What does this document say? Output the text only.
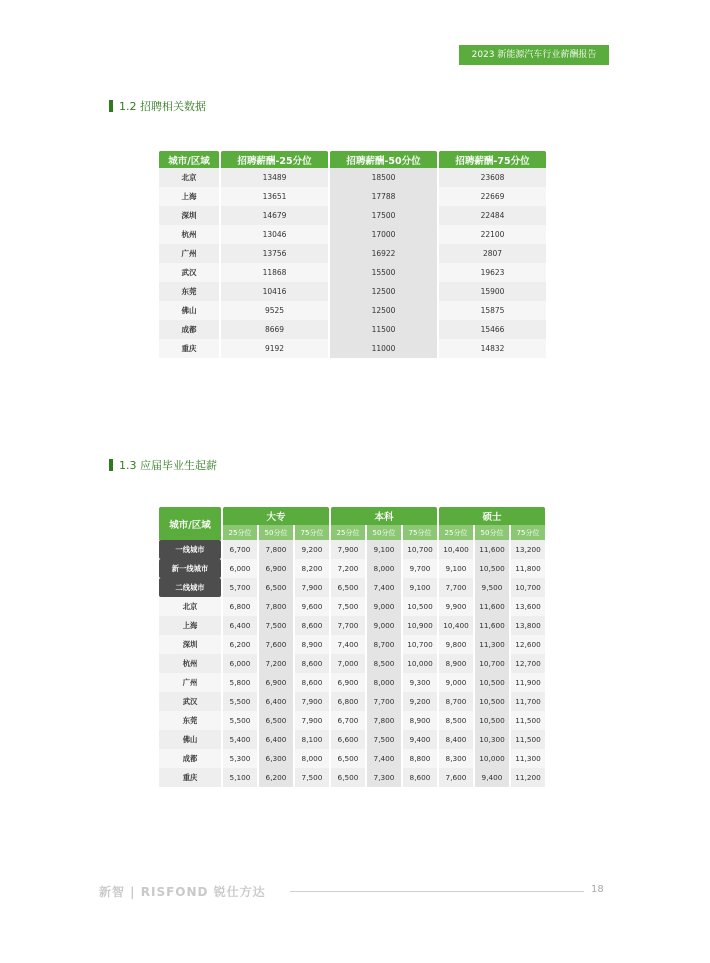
2023 新能源汽车行业薪酬报告
1.2 招聘相关数据
城市/区域	招聘薪酬-25分位	招聘薪酬-50分位	招聘薪酬-75分位
北京	13489	18500	23608
上海	13651	17788	22669
深圳	14679	17500	22484
杭州	13046	17000	22100
广州	13756	16922	2807
武汉	11868	15500	19623
东莞	10416	12500	15900
佛山	9525	12500	15875
成都	8669	11500	15466
重庆	9192	11000	14832
1.3 应届毕业生起薪
城市/区域	大专			本科			硕士		
	25分位	50分位	75分位	25分位	50分位	75分位	25分位	50分位	75分位
一线城市	6,700	7,800	9,200	7,900	9,100	10,700	10,400	11,600	13,200
新一线城市	6,000	6,900	8,200	7,200	8,000	9,700	9,100	10,500	11,800
二线城市	5,700	6,500	7,900	6,500	7,400	9,100	7,700	9,500	10,700
北京	6,800	7,800	9,600	7,500	9,000	10,500	9,900	11,600	13,600
上海	6,400	7,500	8,600	7,700	9,000	10,900	10,400	11,600	13,800
深圳	6,200	7,600	8,900	7,400	8,700	10,700	9,800	11,300	12,600
杭州	6,000	7,200	8,600	7,000	8,500	10,000	8,900	10,700	12,700
广州	5,800	6,900	8,600	6,900	8,000	9,300	9,000	10,500	11,900
武汉	5,500	6,400	7,900	6,800	7,700	9,200	8,700	10,500	11,700
东莞	5,500	6,500	7,900	6,700	7,800	8,900	8,500	10,500	11,500
佛山	5,400	6,400	8,100	6,600	7,500	9,400	8,400	10,300	11,500
成都	5,300	6,300	8,000	6,500	7,400	8,800	8,300	10,000	11,300
重庆	5,100	6,200	7,500	6,500	7,300	8,600	7,600	9,400	11,200
新智 | RISFOND 锐仕方达	18
